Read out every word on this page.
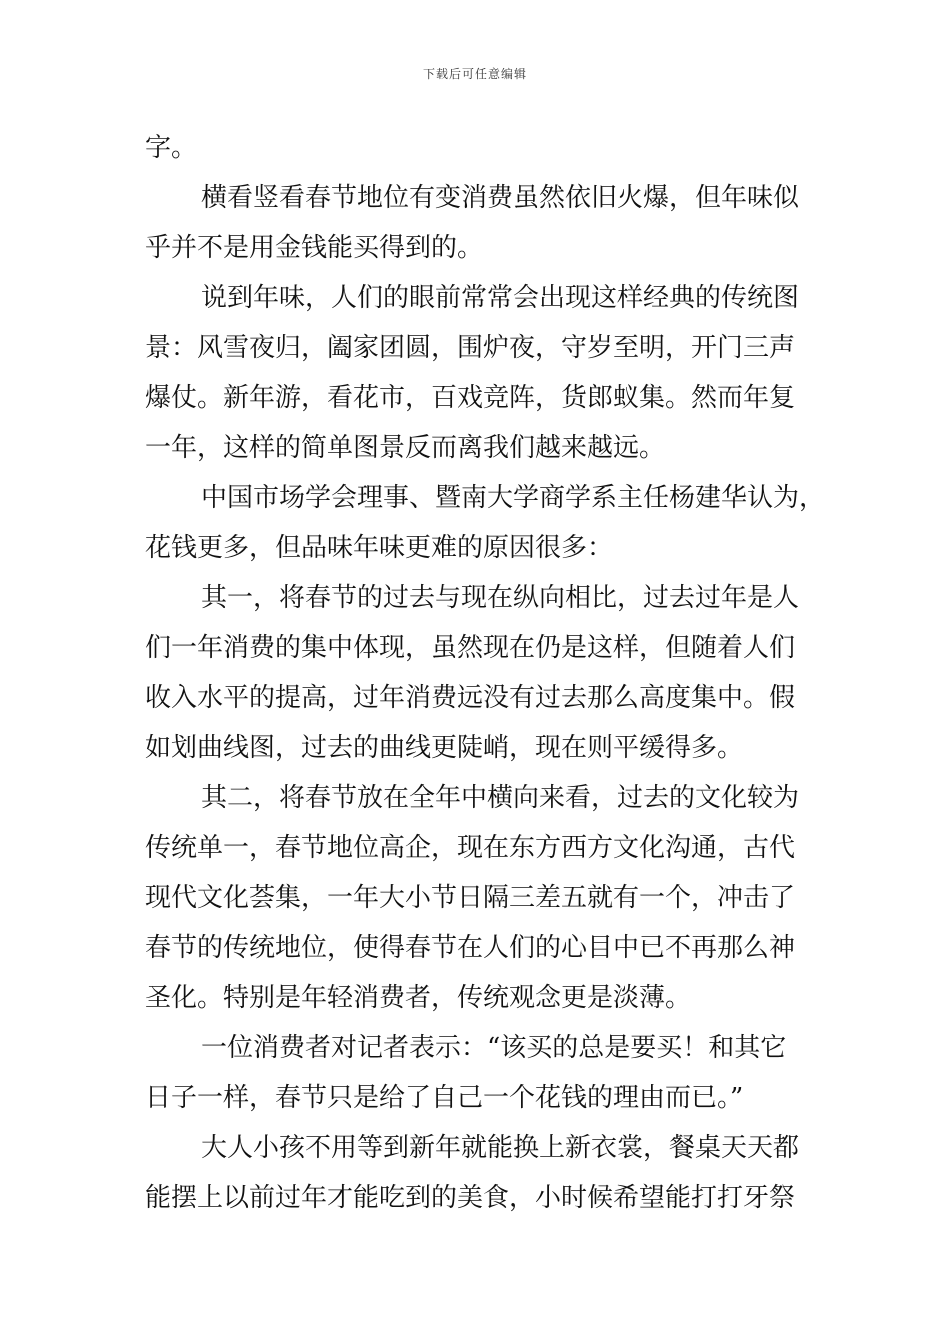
下载后可任意编辑
字。
横看竖看春节地位有变消费虽然依旧火爆，但年味似
乎并不是用金钱能买得到的。
说到年味，人们的眼前常常会出现这样经典的传统图
景：风雪夜归，阖家团圆，围炉夜，守岁至明，开门三声
爆仗。新年游，看花市，百戏竞阵，货郎蚁集。然而年复
一年，这样的简单图景反而离我们越来越远。
中国市场学会理事、暨南大学商学系主任杨建华认为，
花钱更多，但品味年味更难的原因很多：
其一，将春节的过去与现在纵向相比，过去过年是人
们一年消费的集中体现，虽然现在仍是这样，但随着人们
收入水平的提高，过年消费远没有过去那么高度集中。假
如划曲线图，过去的曲线更陡峭，现在则平缓得多。
其二，将春节放在全年中横向来看，过去的文化较为
传统单一，春节地位高企，现在东方西方文化沟通，古代
现代文化荟集，一年大小节日隔三差五就有一个，冲击了
春节的传统地位，使得春节在人们的心目中已不再那么神
圣化。特别是年轻消费者，传统观念更是淡薄。
一位消费者对记者表示：“该买的总是要买！和其它
日子一样，春节只是给了自己一个花钱的理由而已。”
大人小孩不用等到新年就能换上新衣裳，餐桌天天都
能摆上以前过年才能吃到的美食，小时候希望能打打牙祭
